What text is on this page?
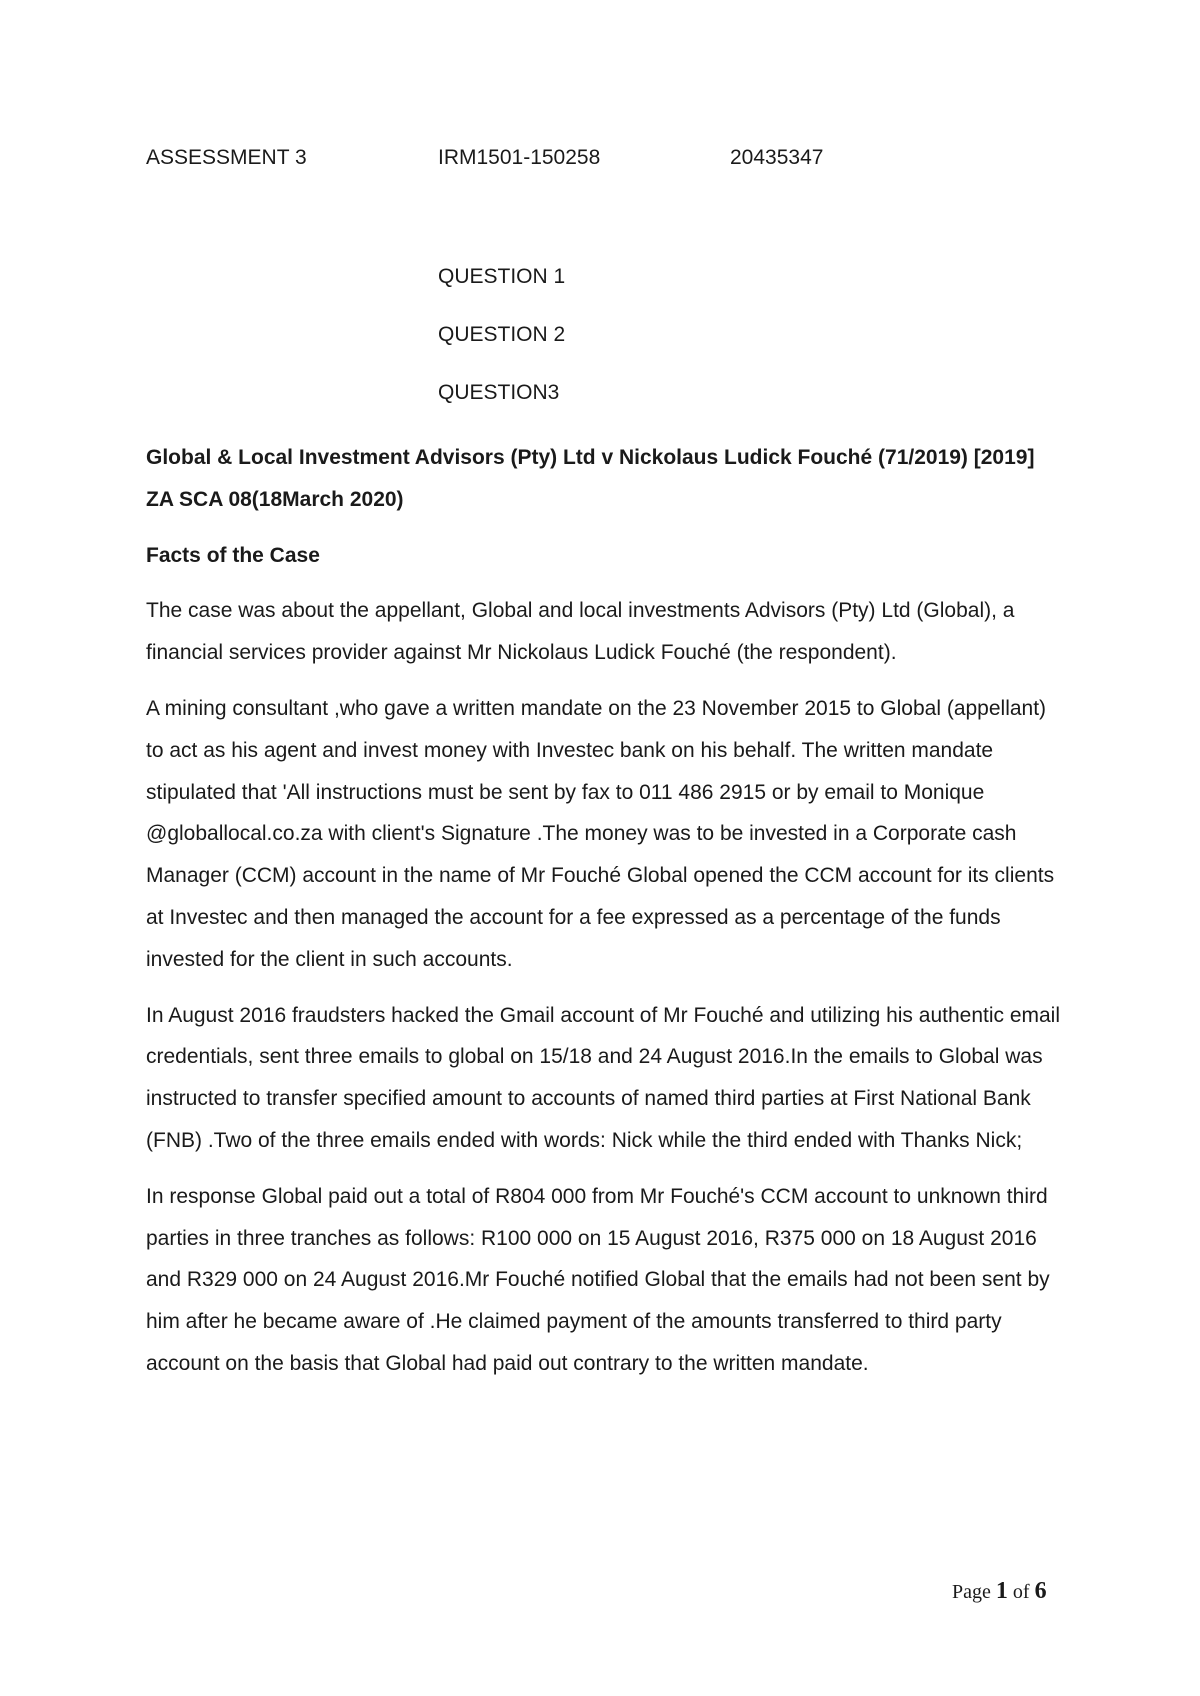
ASSESSMENT 3	IRM1501-150258	20435347
QUESTION 1
QUESTION 2
QUESTION3

Global & Local Investment Advisors (Pty) Ltd v Nickolaus Ludick Fouché (71/2019) [2019] ZA SCA 08(18March 2020)

Facts of the Case

The case was about the appellant, Global and local investments Advisors (Pty) Ltd (Global), a financial services provider against Mr Nickolaus Ludick Fouché (the respondent).

A mining consultant ,who gave a written mandate on the 23 November 2015 to Global (appellant) to act as his agent and invest money with Investec bank on his behalf. The written mandate stipulated that 'All instructions must be sent by fax to 011 486 2915 or by email to Monique @globallocal.co.za with client's Signature .The money was to be invested in a Corporate cash Manager (CCM) account in the name of Mr Fouché Global opened the CCM account for its clients at Investec and then managed the account for a fee expressed as a percentage of the funds invested for the client in such accounts.

In August 2016 fraudsters hacked the Gmail account of Mr Fouché and utilizing his authentic email credentials, sent three emails to global on 15/18 and 24 August 2016.In the emails to Global was instructed to transfer specified amount to accounts of named third parties at First National Bank (FNB) .Two of the three emails ended with words: Nick while the third ended with Thanks Nick;

In response Global paid out a total of R804 000 from Mr Fouché's CCM account to unknown third parties in three tranches as follows: R100 000 on 15 August 2016, R375 000 on 18 August 2016 and R329 000 on 24 August 2016.Mr Fouché notified Global that the emails had not been sent by him after he became aware of .He claimed payment of the amounts transferred to third party account on the basis that Global had paid out contrary to the written mandate.

Page 1 of 6
